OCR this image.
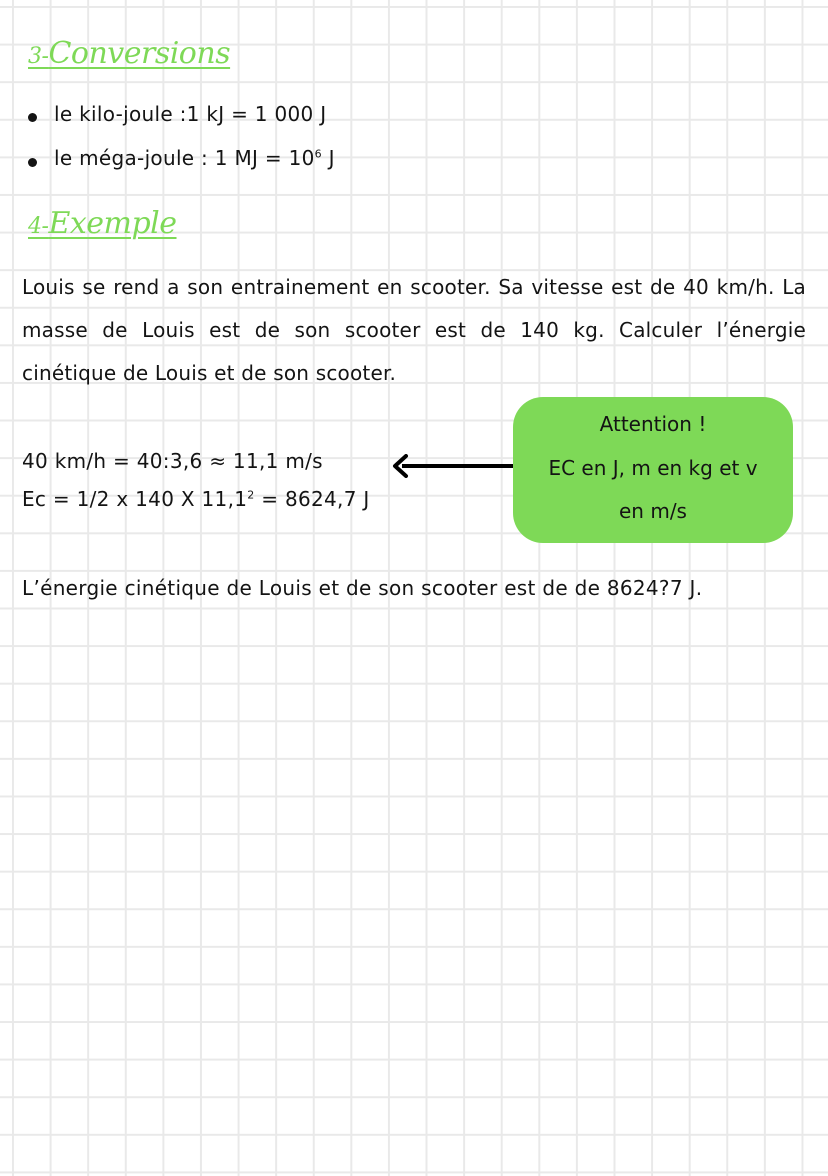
3-Conversions
le kilo-joule :1 kJ = 1 000 J
le méga-joule : 1 MJ = $10^6$ J
4-Exemple
Louis se rend a son entrainement en scooter. Sa vitesse est de 40 km/h. La masse de Louis est de son scooter est de 140 kg. Calculer l’énergie cinétique de Louis et de son scooter.
40 km/h = 40:3,6 ≈ 11,1 m/s
Ec = 1/2 x 140 X $11,1^2 = 8624,7$ J
Attention !
EC en J, m en kg et v
en m/s
L’énergie cinétique de Louis et de son scooter est de de 8624?7 J.
